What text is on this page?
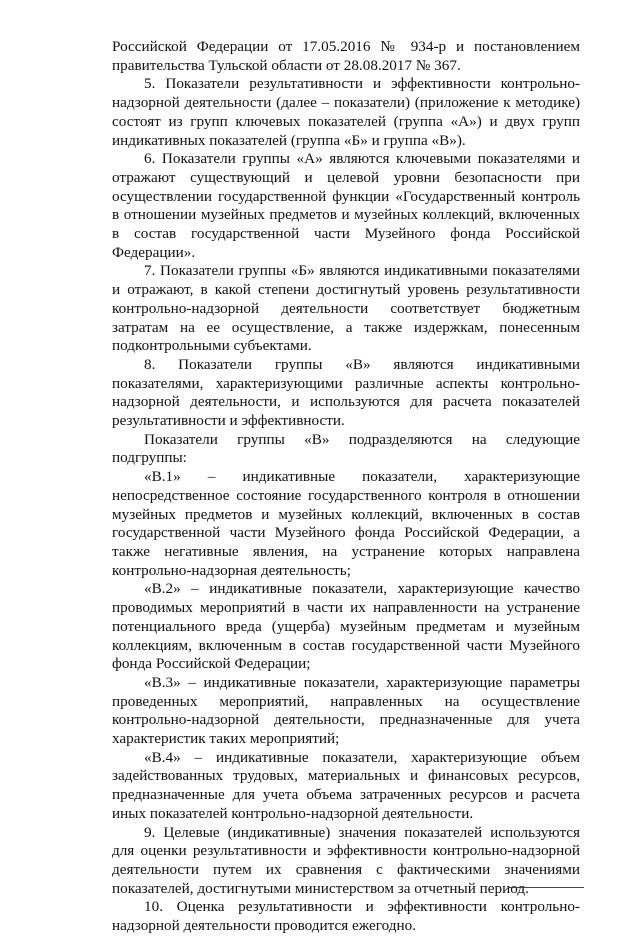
Российской Федерации от 17.05.2016 № 934-р и постановлением правительства Тульской области от 28.08.2017 № 367.

5. Показатели результативности и эффективности контрольно-надзорной деятельности (далее – показатели) (приложение к методике) состоят из групп ключевых показателей (группа «А») и двух групп индикативных показателей (группа «Б» и группа «В»).

6. Показатели группы «А» являются ключевыми показателями и отражают существующий и целевой уровни безопасности при осуществлении государственной функции «Государственный контроль в отношении музейных предметов и музейных коллекций, включенных в состав государственной части Музейного фонда Российской Федерации».

7. Показатели группы «Б» являются индикативными показателями и отражают, в какой степени достигнутый уровень результативности контрольно-надзорной деятельности соответствует бюджетным затратам на ее осуществление, а также издержкам, понесенным подконтрольными субъектами.

8. Показатели группы «В» являются индикативными показателями, характеризующими различные аспекты контрольно-надзорной деятельности, и используются для расчета показателей результативности и эффективности.

Показатели группы «В» подразделяются на следующие подгруппы:

«В.1» – индикативные показатели, характеризующие непосредственное состояние государственного контроля в отношении музейных предметов и музейных коллекций, включенных в состав государственной части Музейного фонда Российской Федерации, а также негативные явления, на устранение которых направлена контрольно-надзорная деятельность;

«В.2» – индикативные показатели, характеризующие качество проводимых мероприятий в части их направленности на устранение потенциального вреда (ущерба) музейным предметам и музейным коллекциям, включенным в состав государственной части Музейного фонда Российской Федерации;

«В.3» – индикативные показатели, характеризующие параметры проведенных мероприятий, направленных на осуществление контрольно-надзорной деятельности, предназначенные для учета характеристик таких мероприятий;

«В.4» – индикативные показатели, характеризующие объем задействованных трудовых, материальных и финансовых ресурсов, предназначенные для учета объема затраченных ресурсов и расчета иных показателей контрольно-надзорной деятельности.

9. Целевые (индикативные) значения показателей используются для оценки результативности и эффективности контрольно-надзорной деятельности путем их сравнения с фактическими значениями показателей, достигнутыми министерством за отчетный период.

10. Оценка результативности и эффективности контрольно-надзорной деятельности проводится ежегодно.
